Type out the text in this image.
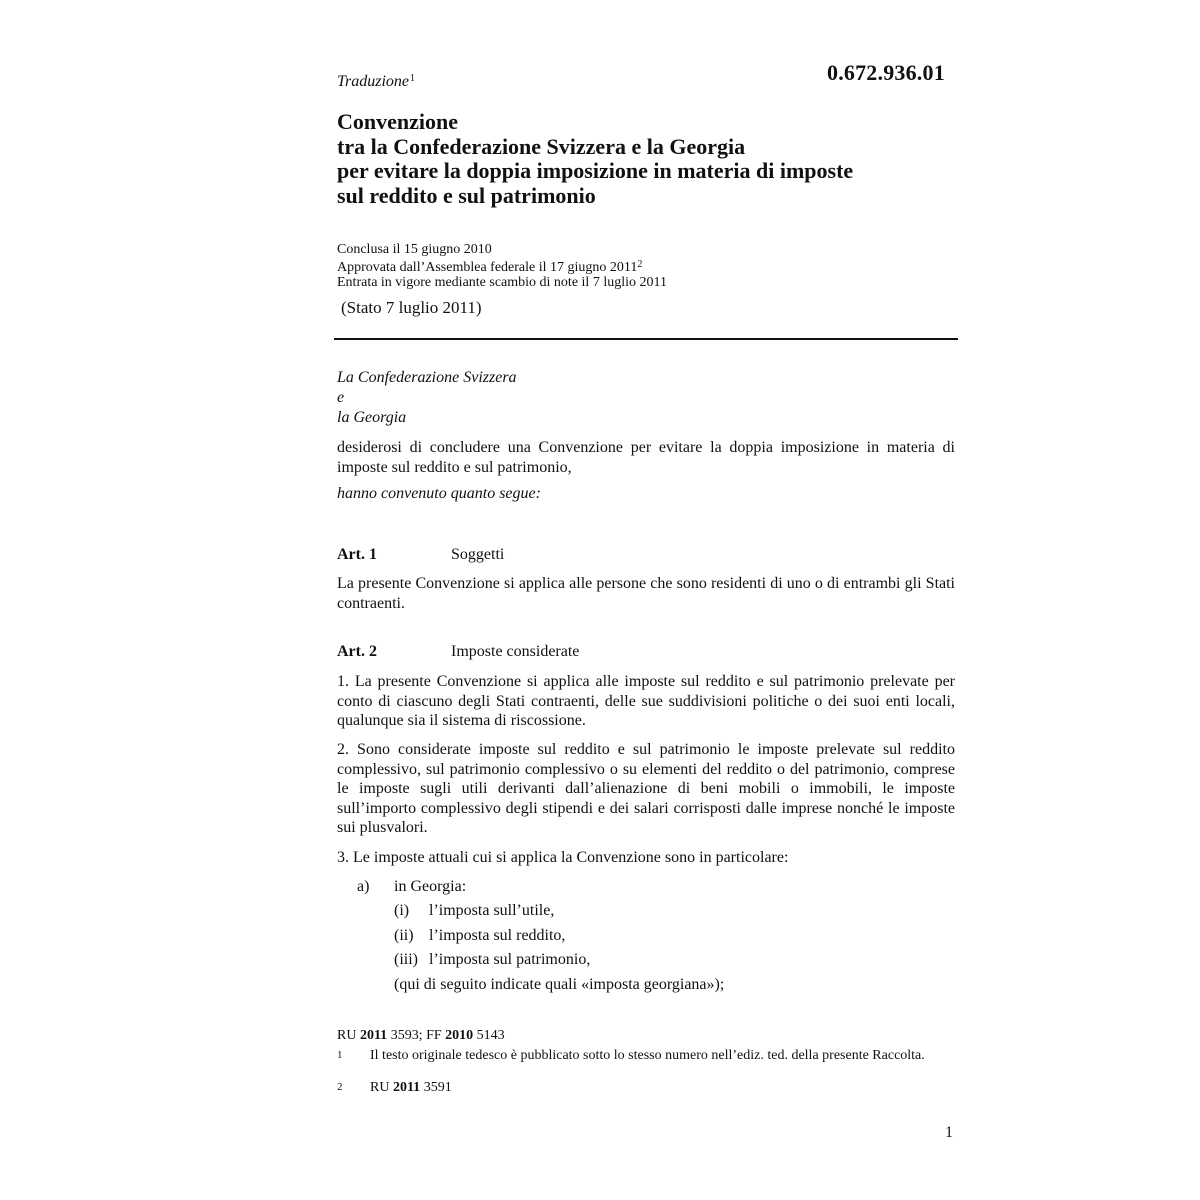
0.672.936.01
Traduzione$^1$
Convenzione
tra la Confederazione Svizzera e la Georgia
per evitare la doppia imposizione in materia di imposte
sul reddito e sul patrimonio
Conclusa il 15 giugno 2010
Approvata dall’Assemblea federale il 17 giugno 2011$^2$
Entrata in vigore mediante scambio di note il 7 luglio 2011
(Stato 7 luglio 2011)
La Confederazione Svizzera
e
la Georgia
desiderosi di concludere una Convenzione per evitare la doppia imposizione in materia di imposte sul reddito e sul patrimonio,
hanno convenuto quanto segue:
Art. 1	Soggetti
La presente Convenzione si applica alle persone che sono residenti di uno o di entrambi gli Stati contraenti.
Art. 2	Imposte considerate
1. La presente Convenzione si applica alle imposte sul reddito e sul patrimonio prelevate per conto di ciascuno degli Stati contraenti, delle sue suddivisioni politiche o dei suoi enti locali, qualunque sia il sistema di riscossione.
2. Sono considerate imposte sul reddito e sul patrimonio le imposte prelevate sul reddito complessivo, sul patrimonio complessivo o su elementi del reddito o del patrimonio, comprese le imposte sugli utili derivanti dall’alienazione di beni mobili o immobili, le imposte sull’importo complessivo degli stipendi e dei salari corrisposti dalle imprese nonché le imposte sui plusvalori.
3. Le imposte attuali cui si applica la Convenzione sono in particolare:
a) in Georgia:
(i) l’imposta sull’utile,
(ii) l’imposta sul reddito,
(iii) l’imposta sul patrimonio,
(qui di seguito indicate quali «imposta georgiana»);
RU 2011 3593; FF 2010 5143
1 Il testo originale tedesco è pubblicato sotto lo stesso numero nell’ediz. ted. della presente Raccolta.
2 RU 2011 3591
1
